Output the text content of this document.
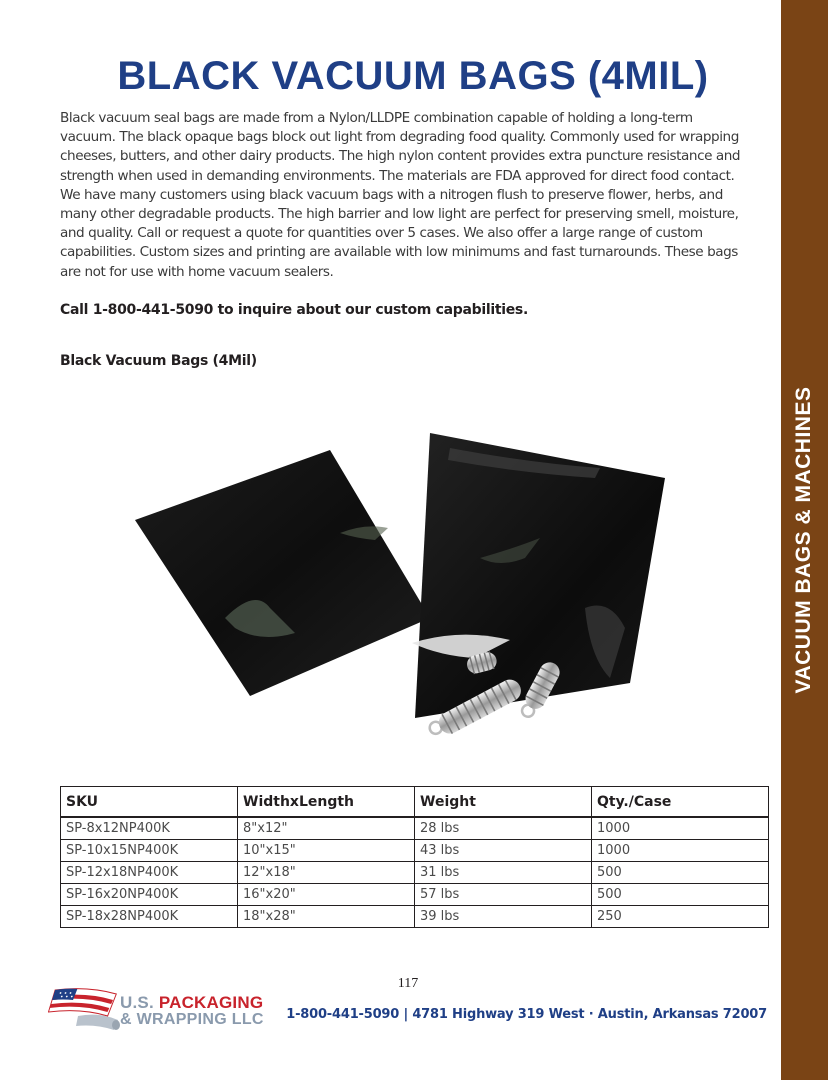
VACUUM BAGS & MACHINES
BLACK VACUUM BAGS (4MIL)

Black vacuum seal bags are made from a Nylon/LLDPE combination capable of holding a long-term vacuum. The black opaque bags block out light from degrading food quality. Commonly used for wrapping cheeses, butters, and other dairy products. The high nylon content provides extra puncture resistance and strength when used in demanding environments. The materials are FDA approved for direct food contact. We have many customers using black vacuum bags with a nitrogen flush to preserve flower, herbs, and many other degradable products. The high barrier and low light are perfect for preserving smell, moisture, and quality. Call or request a quote for quantities over 5 cases. We also offer a large range of custom capabilities. Custom sizes and printing are available with low minimums and fast turnarounds. These bags are not for use with home vacuum sealers.

Call 1-800-441-5090 to inquire about our custom capabilities.

Black Vacuum Bags (4Mil)

SKU	WidthxLength	Weight	Qty./Case
SP-8x12NP400K	8"x12"	28 lbs	1000
SP-10x15NP400K	10"x15"	43 lbs	1000
SP-12x18NP400K	12"x18"	31 lbs	500
SP-16x20NP400K	16"x20"	57 lbs	500
SP-18x28NP400K	18"x28"	39 lbs	250
117
U.S. PACKAGING
& WRAPPING LLC 1-800-441-5090 | 4781 Highway 319 West · Austin, Arkansas 72007
